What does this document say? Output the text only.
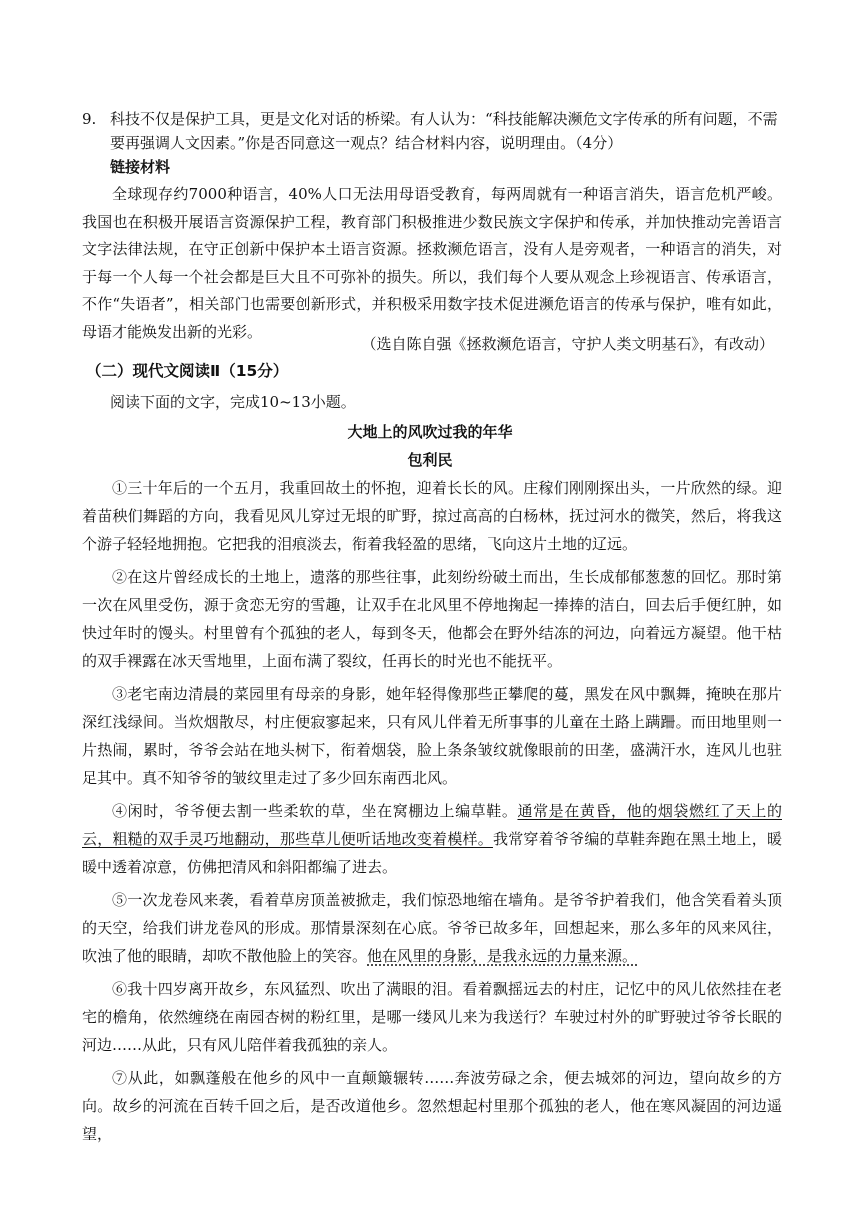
9. 科技不仅是保护工具，更是文化对话的桥梁。有人认为：“科技能解决濒危文字传承的所有问题，不需要再强调人文因素。”你是否同意这一观点？结合材料内容，说明理由。（4分）
链接材料

全球现存约7000种语言，40%人口无法用母语受教育，每两周就有一种语言消失，语言危机严峻。我国也在积极开展语言资源保护工程，教育部门积极推进少数民族文字保护和传承，并加快推动完善语言文字法律法规，在守正创新中保护本土语言资源。拯救濒危语言，没有人是旁观者，一种语言的消失，对于每一个人每一个社会都是巨大且不可弥补的损失。所以，我们每个人要从观念上珍视语言、传承语言，不作“失语者”，相关部门也需要创新形式，并积极采用数字技术促进濒危语言的传承与保护，唯有如此，母语才能焕发出新的光彩。

（选自陈自强《拯救濒危语言，守护人类文明基石》，有改动）
（二）现代文阅读Ⅱ（15分）
阅读下面的文字，完成10~13小题。
大地上的风吹过我的年华
包利民

①三十年后的一个五月，我重回故土的怀抱，迎着长长的风。庄稼们刚刚探出头，一片欣然的绿。迎着苗秧们舞蹈的方向，我看见风儿穿过无垠的旷野，掠过高高的白杨林，抚过河水的微笑，然后，将我这个游子轻轻地拥抱。它把我的泪痕淡去，衔着我轻盈的思绪，飞向这片土地的辽远。

②在这片曾经成长的土地上，遗落的那些往事，此刻纷纷破土而出，生长成郁郁葱葱的回忆。那时第一次在风里受伤，源于贪恋无穷的雪趣，让双手在北风里不停地掬起一捧捧的洁白，回去后手便红肿，如快过年时的馒头。村里曾有个孤独的老人，每到冬天，他都会在野外结冻的河边，向着远方凝望。他干枯的双手裸露在冰天雪地里，上面布满了裂纹，任再长的时光也不能抚平。

③老宅南边清晨的菜园里有母亲的身影，她年轻得像那些正攀爬的蔓，黑发在风中飘舞，掩映在那片深红浅绿间。当炊烟散尽，村庄便寂寥起来，只有风儿伴着无所事事的儿童在土路上蹒跚。而田地里则一片热闹，累时，爷爷会站在地头树下，衔着烟袋，脸上条条皱纹就像眼前的田垄，盛满汗水，连风儿也驻足其中。真不知爷爷的皱纹里走过了多少回东南西北风。

④闲时，爷爷便去割一些柔软的草，坐在窝棚边上编草鞋。通常是在黄昏，他的烟袋燃红了天上的云，粗糙的双手灵巧地翻动，那些草儿便听话地改变着模样。我常穿着爷爷编的草鞋奔跑在黑土地上，暖暖中透着凉意，仿佛把清风和斜阳都编了进去。

⑤一次龙卷风来袭，看着草房顶盖被掀走，我们惊恐地缩在墙角。是爷爷护着我们，他含笑看着头顶的天空，给我们讲龙卷风的形成。那情景深刻在心底。爷爷已故多年，回想起来，那么多年的风来风往，吹浊了他的眼睛，却吹不散他脸上的笑容。他在风里的身影，是我永远的力量来源。

⑥我十四岁离开故乡，东风猛烈、吹出了满眼的泪。看着飘摇远去的村庄，记忆中的风儿依然挂在老宅的檐角，依然缠绕在南园杏树的粉红里，是哪一缕风儿来为我送行？车驶过村外的旷野驶过爷爷长眠的河边……从此，只有风儿陪伴着我孤独的亲人。

⑦从此，如飘蓬般在他乡的风中一直颠簸辗转……奔波劳碌之余，便去城郊的河边，望向故乡的方向。故乡的河流在百转千回之后，是否改道他乡。忽然想起村里那个孤独的老人，他在寒风凝固的河边遥望，
